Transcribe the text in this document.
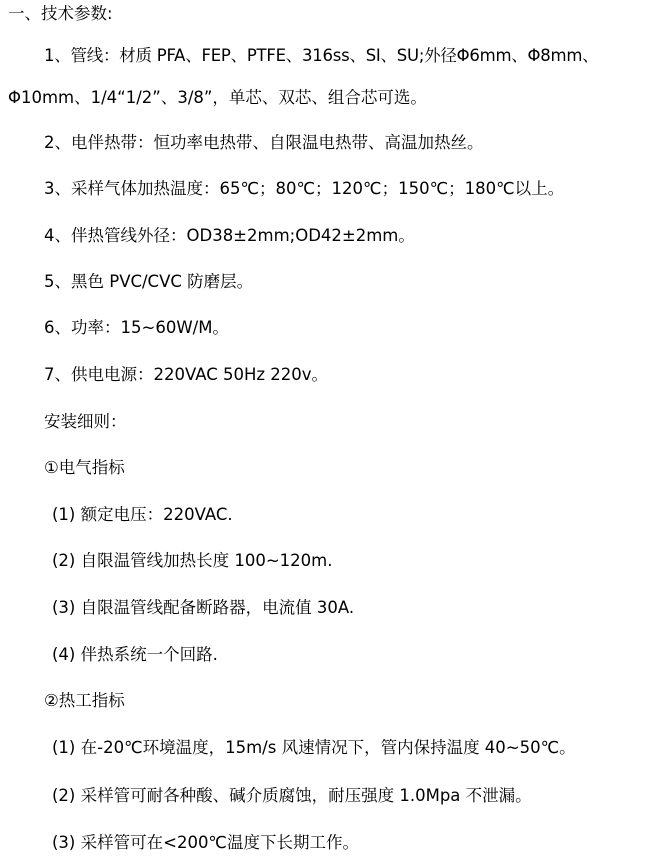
一、技术参数:
1、管线：材质 PFA、FEP、PTFE、316ss、SI、SU;外径Φ6mm、Φ8mm、
Φ10mm、1/4“1/2”、3/8”，单芯、双芯、组合芯可选。
2、电伴热带：恒功率电热带、自限温电热带、高温加热丝。
3、采样气体加热温度：65℃；80℃；120℃；150℃；180℃以上。
4、伴热管线外径：OD38±2mm;OD42±2mm。
5、黑色 PVC/CVC 防磨层。
6、功率：15~60W/M。
7、供电电源：220VAC 50Hz 220v。
安装细则：
①电气指标
(1) 额定电压：220VAC.
(2) 自限温管线加热长度 100~120m.
(3) 自限温管线配备断路器，电流值 30A.
(4) 伴热系统一个回路.
②热工指标
(1) 在-20℃环境温度，15m/s 风速情况下，管内保持温度 40~50℃。
(2) 采样管可耐各种酸、碱介质腐蚀，耐压强度 1.0Mpa 不泄漏。
(3) 采样管可在<200℃温度下长期工作。
